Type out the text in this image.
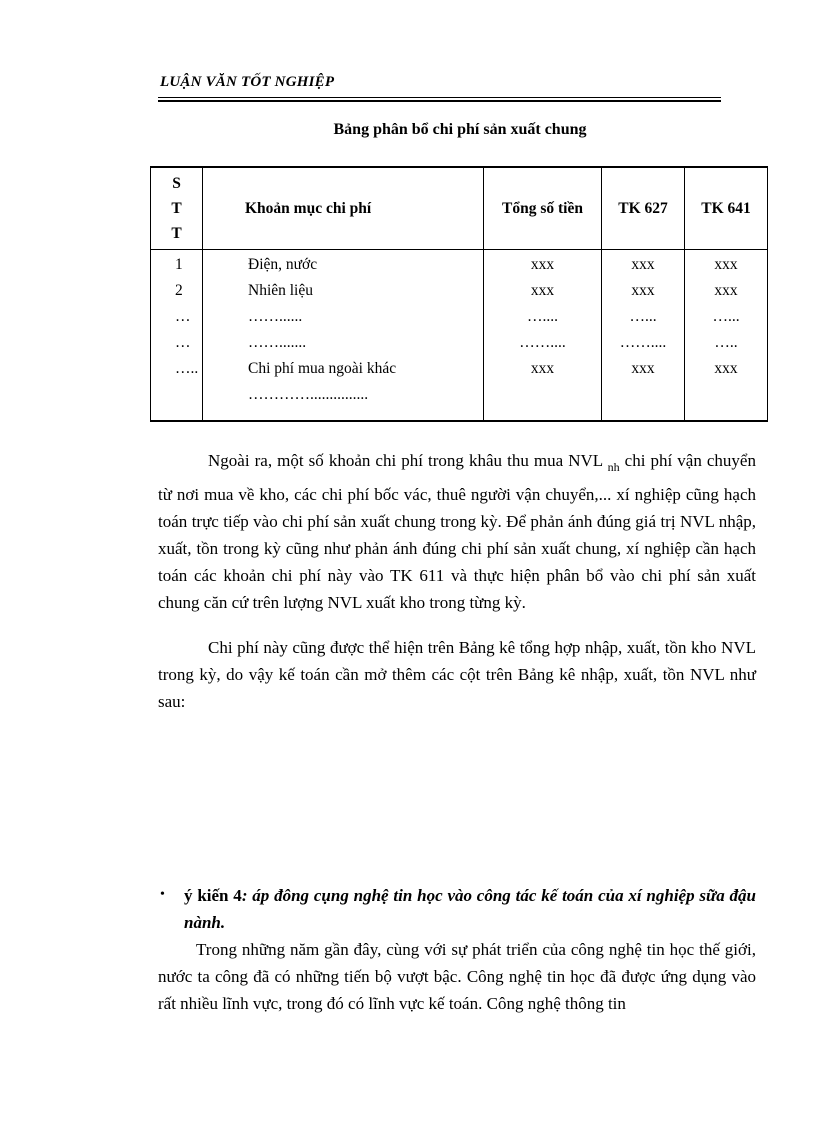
LUẬN VĂN TỐT NGHIỆP
Bảng phân bổ chi phí sản xuất chung
S
T
T	Khoản mục chi phí	Tổng số tiền	TK 627	TK 641
1	Điện, nước	xxx	xxx	xxx
2	Nhiên liệu	xxx	xxx	xxx
…	……......	…....	…...	…...
…	…….......	……....	……....	…..
…..	Chi phí mua ngoài khác	xxx	xxx	xxx
	…………...............			
Ngoài ra, một số khoản chi phí trong khâu thu mua NVL $_{nh}$ chi phí vận chuyển từ nơi mua về kho, các chi phí bốc vác, thuê người vận chuyển,... xí nghiệp cũng hạch toán trực tiếp vào chi phí sản xuất chung trong kỳ. Để phản ánh đúng giá trị NVL nhập, xuất, tồn trong kỳ cũng như phản ánh đúng chi phí sản xuất chung, xí nghiệp cần hạch toán các khoản chi phí này vào TK 611 và thực hiện phân bổ vào chi phí sản xuất chung căn cứ trên lượng NVL xuất kho trong từng kỳ.
Chi phí này cũng được thể hiện trên Bảng kê tổng hợp nhập, xuất, tồn kho NVL trong kỳ, do vậy kế toán cần mở thêm các cột trên Bảng kê nhập, xuất, tồn NVL như sau:
• ý kiến 4: áp đông cụng nghệ tin học vào công tác kế toán của xí nghiệp sữa đậu nành.
Trong những năm gần đây, cùng với sự phát triển của công nghệ tin học thế giới, nước ta công đã có những tiến bộ vượt bậc. Công nghệ tin học đã được ứng dụng vào rất nhiều lĩnh vực, trong đó có lĩnh vực kế toán. Công nghệ thông tin
